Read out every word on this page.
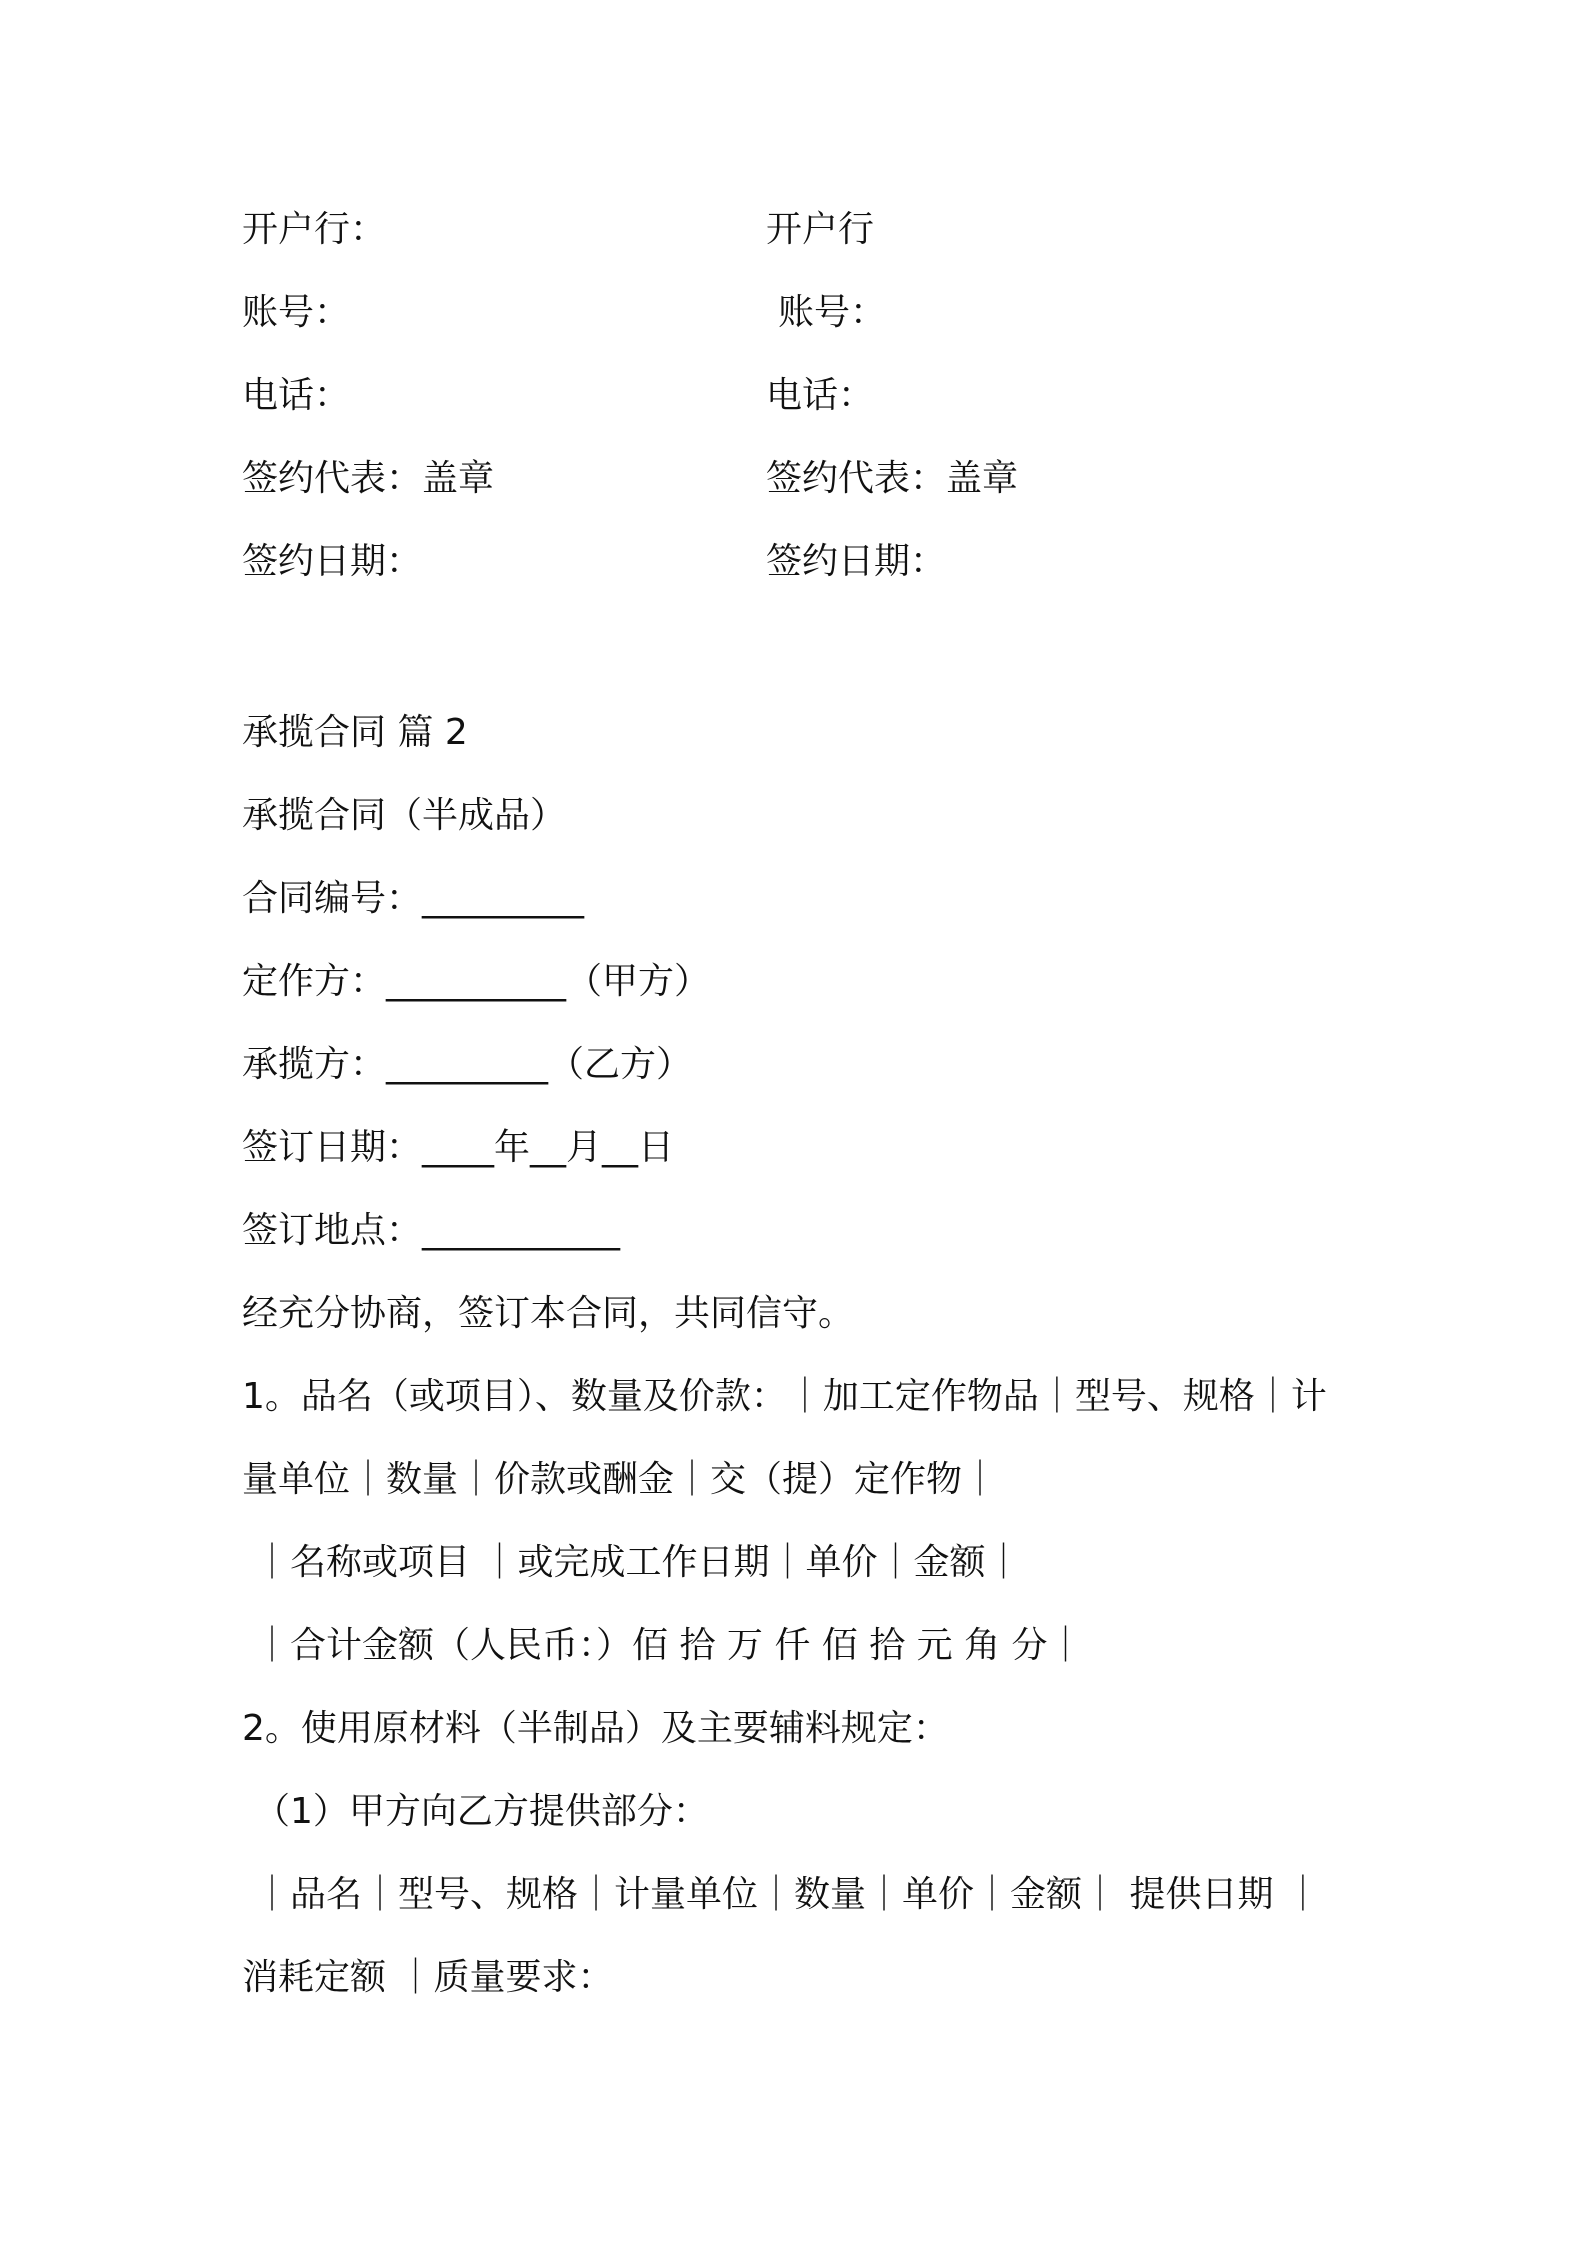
开户行：	开户行
账号：	账号：
电话：	电话：
签约代表：盖章	签约代表：盖章
签约日期：	签约日期：
承揽合同 篇 2
承揽合同（半成品）
合同编号：_________
定作方：__________（甲方）
承揽方：_________（乙方）
签订日期：____年__月__日
签订地点：___________
经充分协商，签订本合同，共同信守。
1。品名（或项目）、数量及价款：｜加工定作物品｜型号、规格｜计
量单位｜数量｜价款或酬金｜交（提）定作物｜
｜名称或项目 ｜或完成工作日期｜单价｜金额｜
｜合计金额（人民币：）佰 拾 万 仟 佰 拾 元 角 分｜
2。使用原材料（半制品）及主要辅料规定：
（1）甲方向乙方提供部分：
｜品名｜型号、规格｜计量单位｜数量｜单价｜金额｜ 提供日期 ｜
消耗定额 ｜质量要求：
